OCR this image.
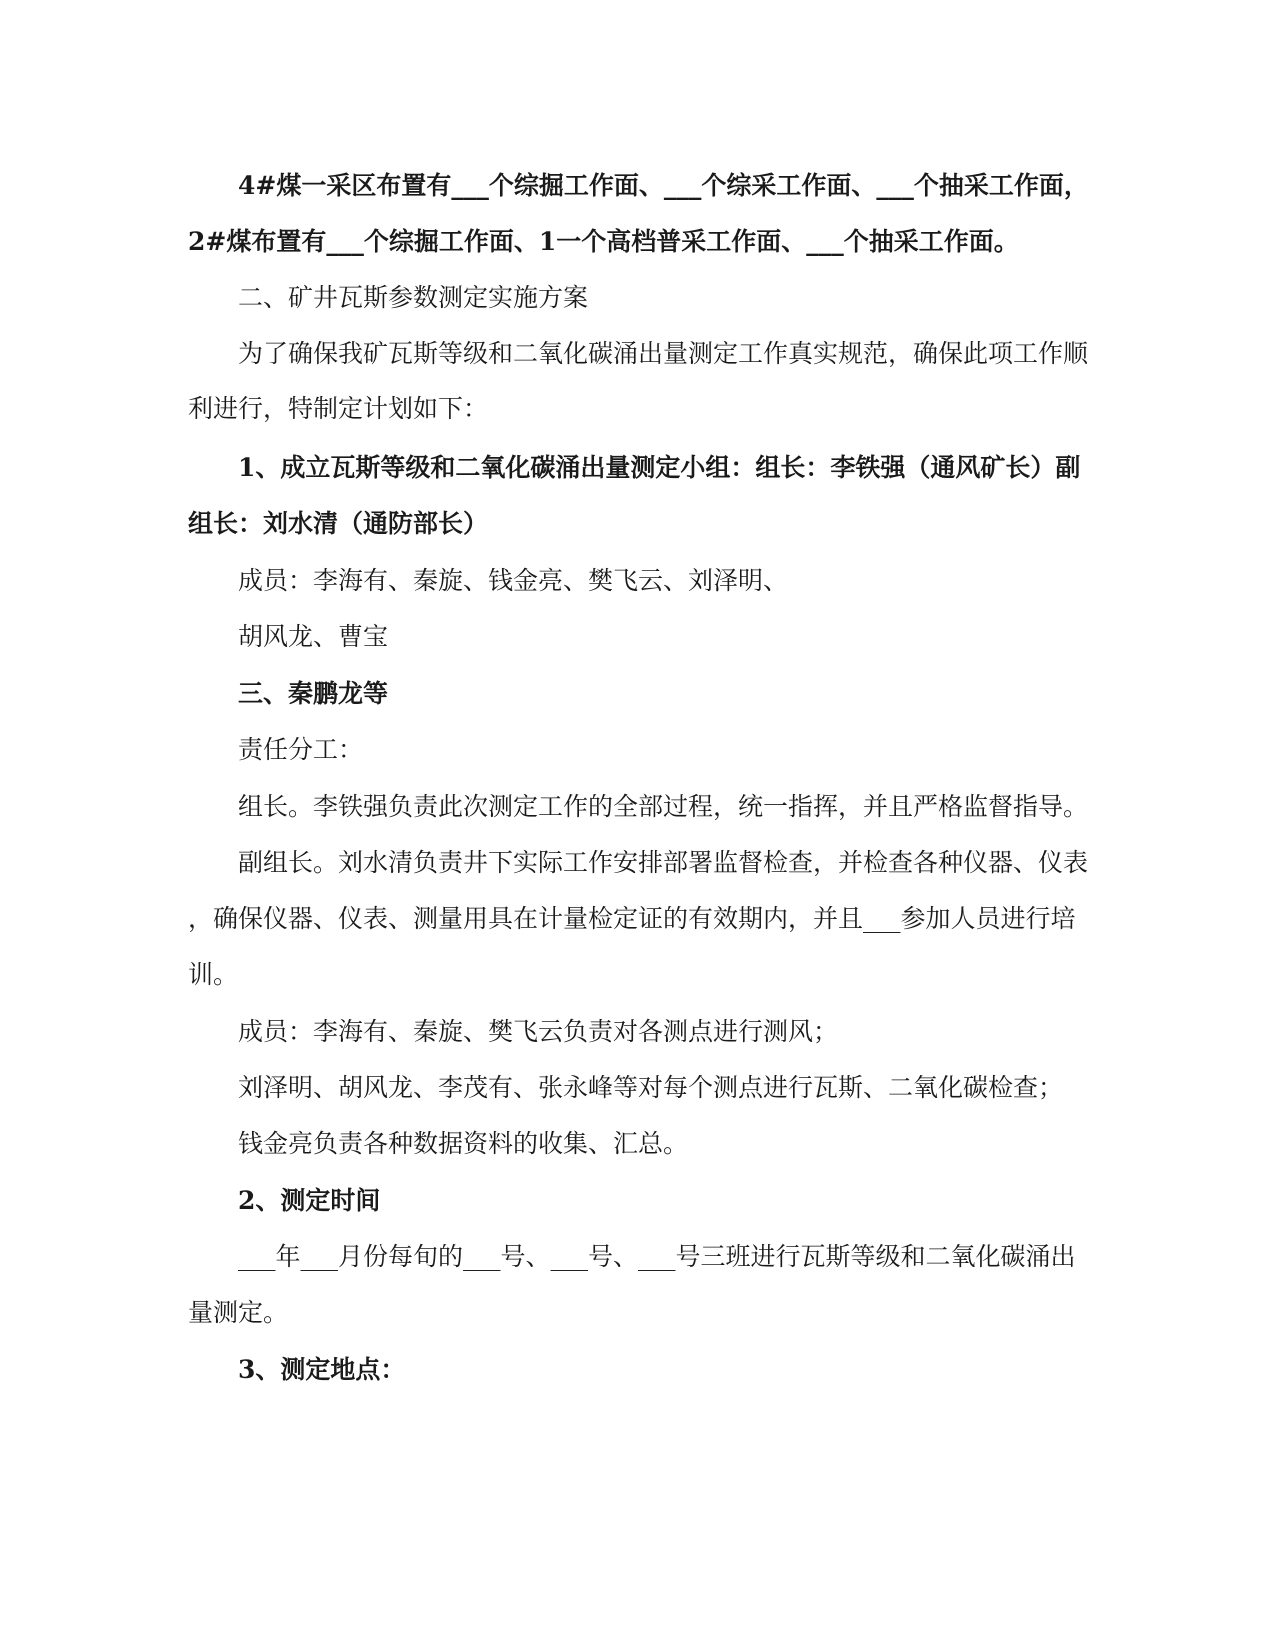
4#煤一采区布置有___个综掘工作面、___个综采工作面、___个抽采工作面，
2#煤布置有___个综掘工作面、1一个高档普采工作面、___个抽采工作面。
二、矿井瓦斯参数测定实施方案
为了确保我矿瓦斯等级和二氧化碳涌出量测定工作真实规范，确保此项工作顺
利进行，特制定计划如下：
1、成立瓦斯等级和二氧化碳涌出量测定小组：组长：李铁强（通风矿长）副
组长：刘水清（通防部长）
成员：李海有、秦旋、钱金亮、樊飞云、刘泽明、
胡风龙、曹宝
三、秦鹏龙等
责任分工：
组长。李铁强负责此次测定工作的全部过程，统一指挥，并且严格监督指导。
副组长。刘水清负责井下实际工作安排部署监督检查，并检查各种仪器、仪表
，确保仪器、仪表、测量用具在计量检定证的有效期内，并且___参加人员进行培
训。
成员：李海有、秦旋、樊飞云负责对各测点进行测风；
刘泽明、胡风龙、李茂有、张永峰等对每个测点进行瓦斯、二氧化碳检查；
钱金亮负责各种数据资料的收集、汇总。
2、测定时间
___年___月份每旬的___号、___号、___号三班进行瓦斯等级和二氧化碳涌出
量测定。
3、测定地点：
